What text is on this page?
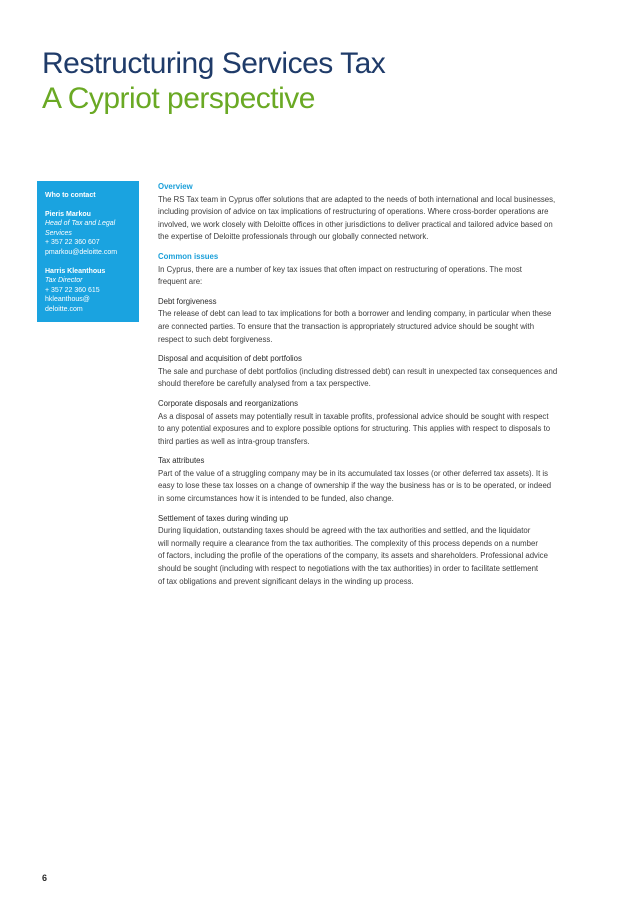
Restructuring Services Tax
A Cypriot perspective
Who to contact
Pieris Markou
Head of Tax and Legal
Services
+ 357 22 360 607
pmarkou@deloitte.com
Harris Kleanthous
Tax Director
+ 357 22 360 615
hkleanthous@
deloitte.com
Overview
The RS Tax team in Cyprus offer solutions that are adapted to the needs of both international and local businesses,
including provision of advice on tax implications of restructuring of operations. Where cross-border operations are
involved, we work closely with Deloitte offices in other jurisdictions to deliver practical and tailored advice based on
the expertise of Deloitte professionals through our globally connected network.
Common issues
In Cyprus, there are a number of key tax issues that often impact on restructuring of operations. The most
frequent are:
Debt forgiveness
The release of debt can lead to tax implications for both a borrower and lending company, in particular when these
are connected parties. To ensure that the transaction is appropriately structured advice should be sought with
respect to such debt forgiveness.
Disposal and acquisition of debt portfolios
The sale and purchase of debt portfolios (including distressed debt) can result in unexpected tax consequences and
should therefore be carefully analysed from a tax perspective.
Corporate disposals and reorganizations
As a disposal of assets may potentially result in taxable profits, professional advice should be sought with respect
to any potential exposures and to explore possible options for structuring. This applies with respect to disposals to
third parties as well as intra-group transfers.
Tax attributes
Part of the value of a struggling company may be in its accumulated tax losses (or other deferred tax assets). It is
easy to lose these tax losses on a change of ownership if the way the business has or is to be operated, or indeed
in some circumstances how it is intended to be funded, also change.
Settlement of taxes during winding up
During liquidation, outstanding taxes should be agreed with the tax authorities and settled, and the liquidator
will normally require a clearance from the tax authorities. The complexity of this process depends on a number
of factors, including the profile of the operations of the company, its assets and shareholders. Professional advice
should be sought (including with respect to negotiations with the tax authorities) in order to facilitate settlement
of tax obligations and prevent significant delays in the winding up process.
6
